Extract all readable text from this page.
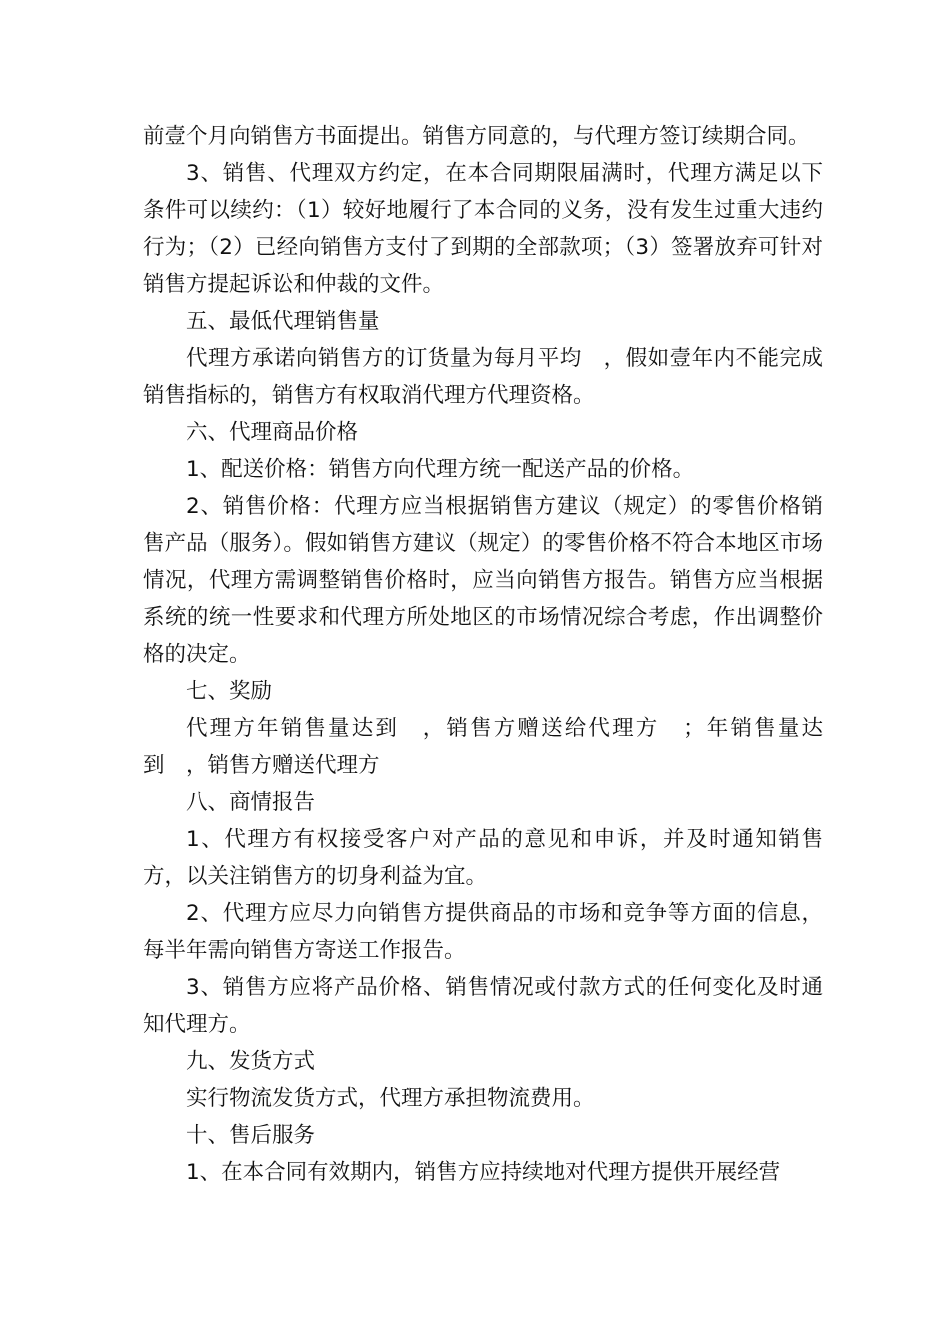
前壹个月向销售方书面提出。销售方同意的，与代理方签订续期合同。

3、销售、代理双方约定，在本合同期限届满时，代理方满足以下条件可以续约：（1）较好地履行了本合同的义务，没有发生过重大违约行为；（2）已经向销售方支付了到期的全部款项；（3）签署放弃可针对销售方提起诉讼和仲裁的文件。

五、最低代理销售量

代理方承诺向销售方的订货量为每月平均　，假如壹年内不能完成销售指标的，销售方有权取消代理方代理资格。

六、代理商品价格

1、配送价格：销售方向代理方统一配送产品的价格。

2、销售价格：代理方应当根据销售方建议（规定）的零售价格销售产品（服务）。假如销售方建议（规定）的零售价格不符合本地区市场情况，代理方需调整销售价格时，应当向销售方报告。销售方应当根据系统的统一性要求和代理方所处地区的市场情况综合考虑，作出调整价格的决定。

七、奖励

代理方年销售量达到　，销售方赠送给代理方　；年销售量达到　，销售方赠送代理方

八、商情报告

1、代理方有权接受客户对产品的意见和申诉，并及时通知销售方，以关注销售方的切身利益为宜。

2、代理方应尽力向销售方提供商品的市场和竞争等方面的信息，每半年需向销售方寄送工作报告。

3、销售方应将产品价格、销售情况或付款方式的任何变化及时通知代理方。

九、发货方式

实行物流发货方式，代理方承担物流费用。

十、售后服务

1、在本合同有效期内，销售方应持续地对代理方提供开展经营
